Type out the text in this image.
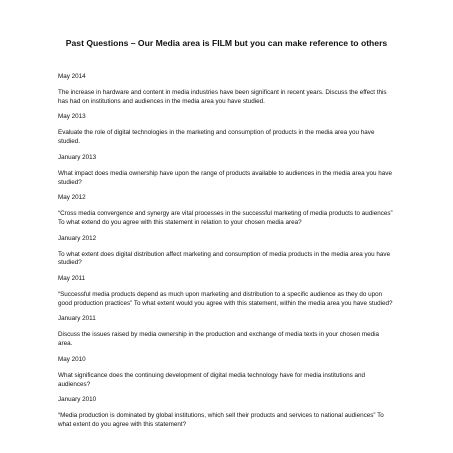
Past Questions – Our Media area is FILM but you can make reference to others
May 2014
The increase in hardware and content in media industries have been significant in recent years. Discuss the effect this has had on institutions and audiences in the media area you have studied.
May 2013
Evaluate the role of digital technologies in the marketing and consumption of products in the media area you have studied.
January 2013
What impact does media ownership have upon the range of products available to audiences in the media area you have studied?
May 2012
“Cross media convergence and synergy are vital processes in the successful marketing of media products to audiences” To what extend do you agree with this statement in relation to your chosen media area?
January 2012
To what extent does digital distribution affect marketing and consumption of media products in the media area you have studied?
May 2011
“Successful media products depend as much upon marketing and distribution to a specific audience as they do upon good production practices” To what extent would you agree with this statement, within the media area you have studied?
January 2011
Discuss the issues raised by media ownership in the production and exchange of media texts in your chosen media area.
May 2010
What significance does the continuing development of digital media technology have for media institutions and audiences?
January 2010
“Media production is dominated by global institutions, which sell their products and services to national audiences” To what extent do you agree with this statement?
